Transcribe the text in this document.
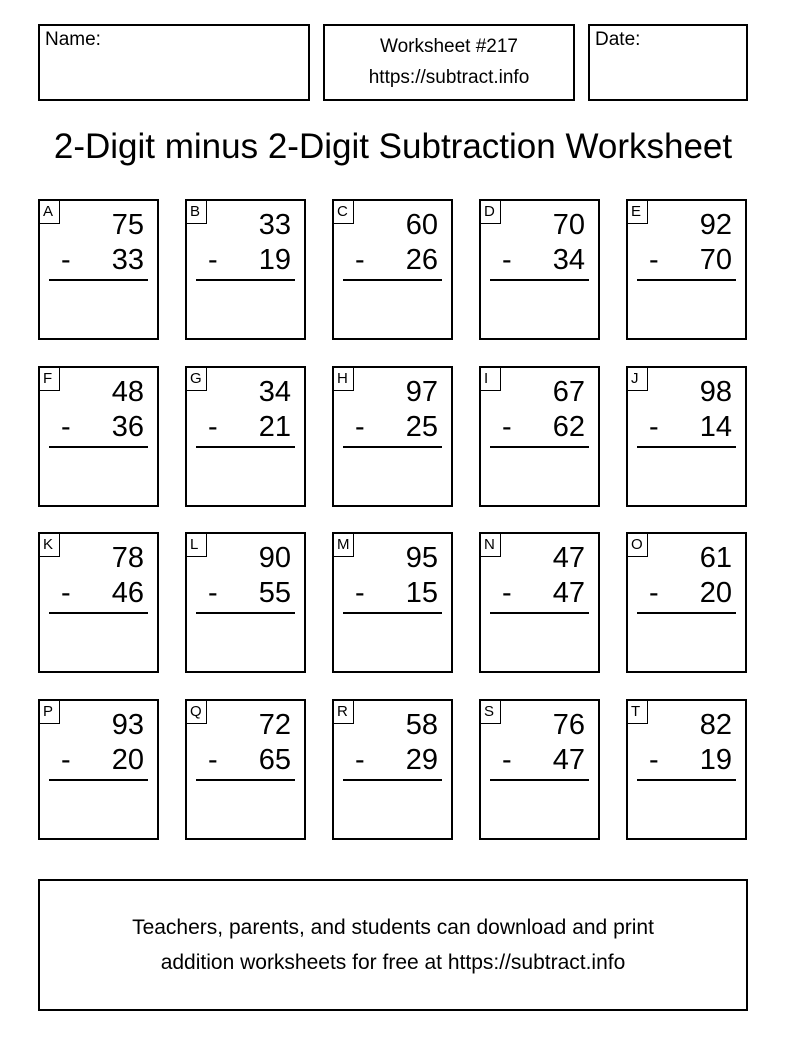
Name:	Worksheet #217
https://subtract.info
Date:
2-Digit minus 2-Digit Subtraction Worksheet
A 75
- 33
B 33
- 19
C 60
- 26
D 70
- 34
E 92
- 70
F 48
- 36
G 34
- 21
H 97
- 25
I	67
- 62
J	98
- 14
K 78
- 46
L 90
- 55
M 95
- 15
N 47
- 47
O 61
- 20
P 93
- 20
Q 72
- 65
R 58
- 29
S 76
- 47
T 82
- 19
Teachers, parents, and students can download and print
addition worksheets for free at https://subtract.info
